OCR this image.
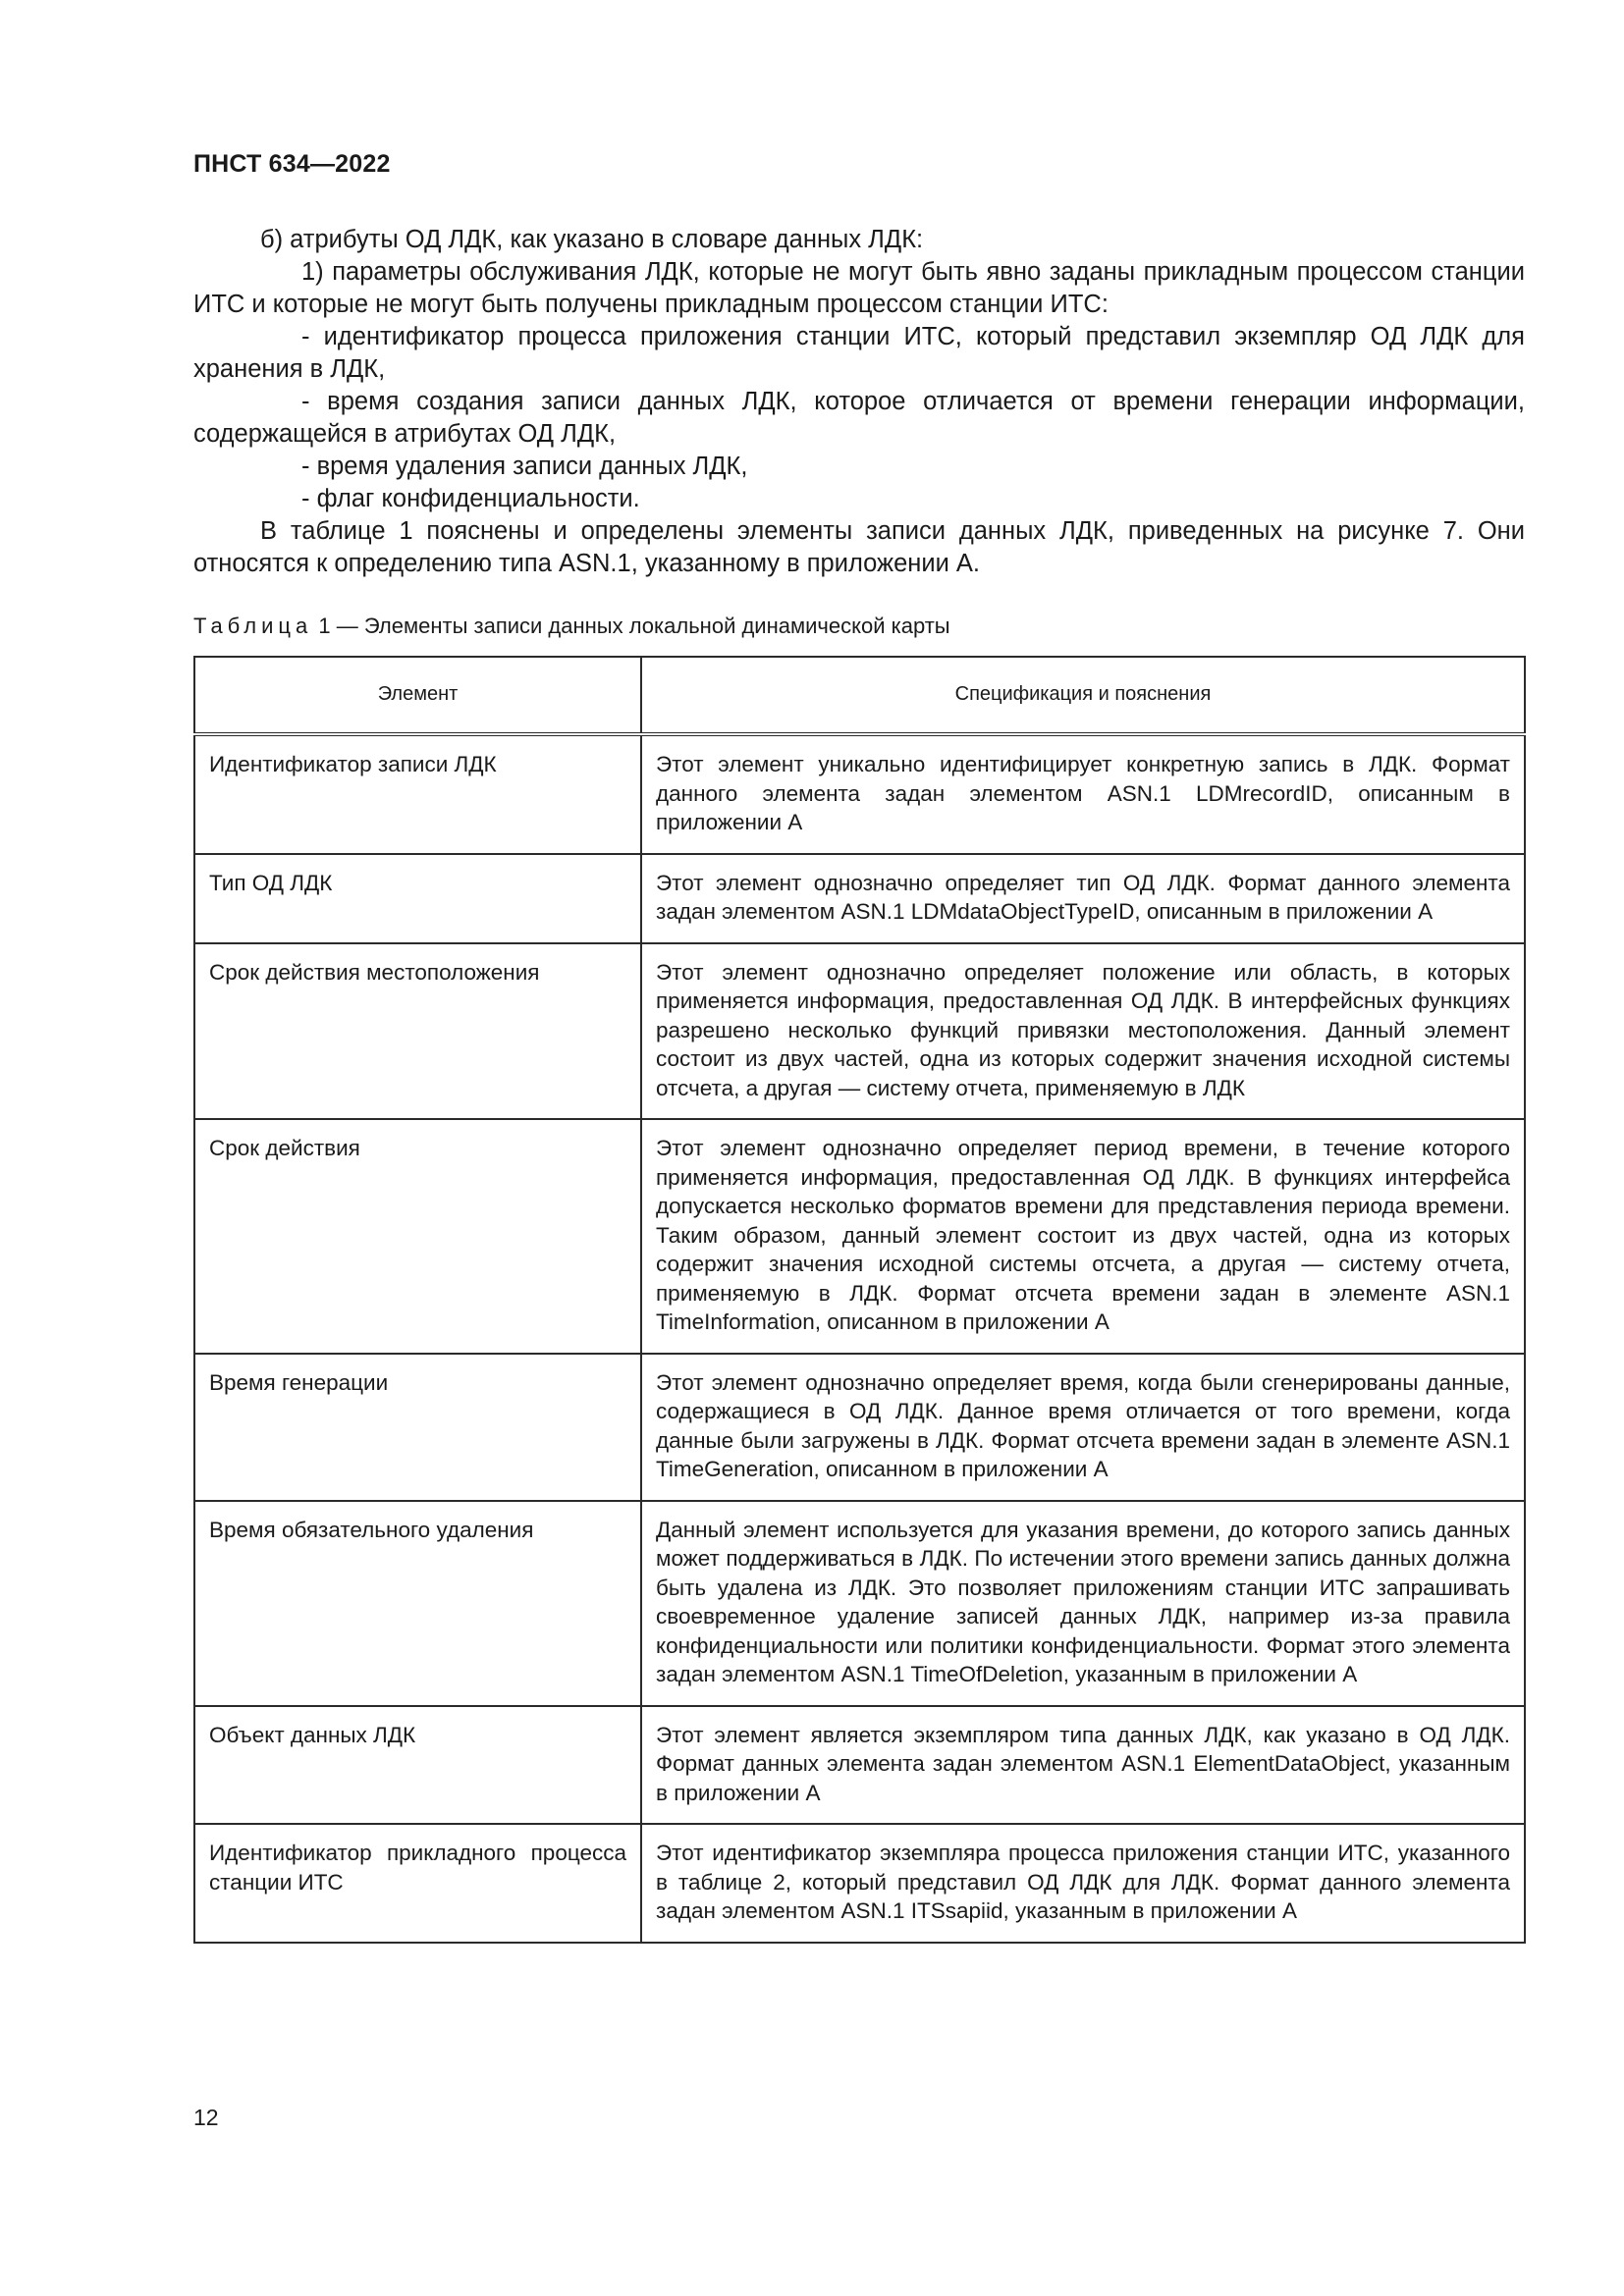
ПНСТ 634—2022

б) атрибуты ОД ЛДК, как указано в словаре данных ЛДК:

1) параметры обслуживания ЛДК, которые не могут быть явно заданы прикладным процессом станции ИТС и которые не могут быть получены прикладным процессом станции ИТС:

- идентификатор процесса приложения станции ИТС, который представил экземпляр ОД ЛДК для хранения в ЛДК,

- время создания записи данных ЛДК, которое отличается от времени генерации информации, содержащейся в атрибутах ОД ЛДК,

- время удаления записи данных ЛДК,

- флаг конфиденциальности.

В таблице 1 пояснены и определены элементы записи данных ЛДК, приведенных на рисунке 7. Они относятся к определению типа ASN.1, указанному в приложении А.

Таблица 1 — Элементы записи данных локальной динамической карты
Элемент	Спецификация и пояснения
Идентификатор записи ЛДК	Этот элемент уникально идентифицирует конкретную запись в ЛДК. Формат данного элемента задан элементом ASN.1 LDMrecordID, описанным в приложении А
Тип ОД ЛДК	Этот элемент однозначно определяет тип ОД ЛДК. Формат данного элемента задан элементом ASN.1 LDMdataObjectTypeID, описанным в приложении А
Срок действия местоположения	Этот элемент однозначно определяет положение или область, в которых применяется информация, предоставленная ОД ЛДК. В интерфейсных функциях разрешено несколько функций привязки местоположения. Данный элемент состоит из двух частей, одна из которых содержит значения исходной системы отсчета, а другая — систему отчета, применяемую в ЛДК
Срок действия	Этот элемент однозначно определяет период времени, в течение которого применяется информация, предоставленная ОД ЛДК. В функциях интерфейса допускается несколько форматов времени для представления периода времени. Таким образом, данный элемент состоит из двух частей, одна из которых содержит значения исходной системы отсчета, а другая — систему отчета, применяемую в ЛДК. Формат отсчета времени задан в элементе ASN.1 TimeInformation, описанном в приложении А
Время генерации	Этот элемент однозначно определяет время, когда были сгенерированы данные, содержащиеся в ОД ЛДК. Данное время отличается от того времени, когда данные были загружены в ЛДК. Формат отсчета времени задан в элементе ASN.1 TimeGeneration, описанном в приложении А
Время обязательного удаления	Данный элемент используется для указания времени, до которого запись данных может поддерживаться в ЛДК. По истечении этого времени запись данных должна быть удалена из ЛДК. Это позволяет приложениям станции ИТС запрашивать своевременное удаление записей данных ЛДК, например из-за правила конфиденциальности или политики конфиденциальности. Формат этого элемента задан элементом ASN.1 TimeOfDeletion, указанным в приложении А
Объект данных ЛДК	Этот элемент является экземпляром типа данных ЛДК, как указано в ОД ЛДК. Формат данных элемента задан элементом ASN.1 ElementDataObject, указанным в приложении А
Идентификатор прикладного процесса станции ИТС	Этот идентификатор экземпляра процесса приложения станции ИТС, указанного в таблице 2, который представил ОД ЛДК для ЛДК. Формат данного элемента задан элементом ASN.1 ITSsapiid, указанным в приложении А
12
